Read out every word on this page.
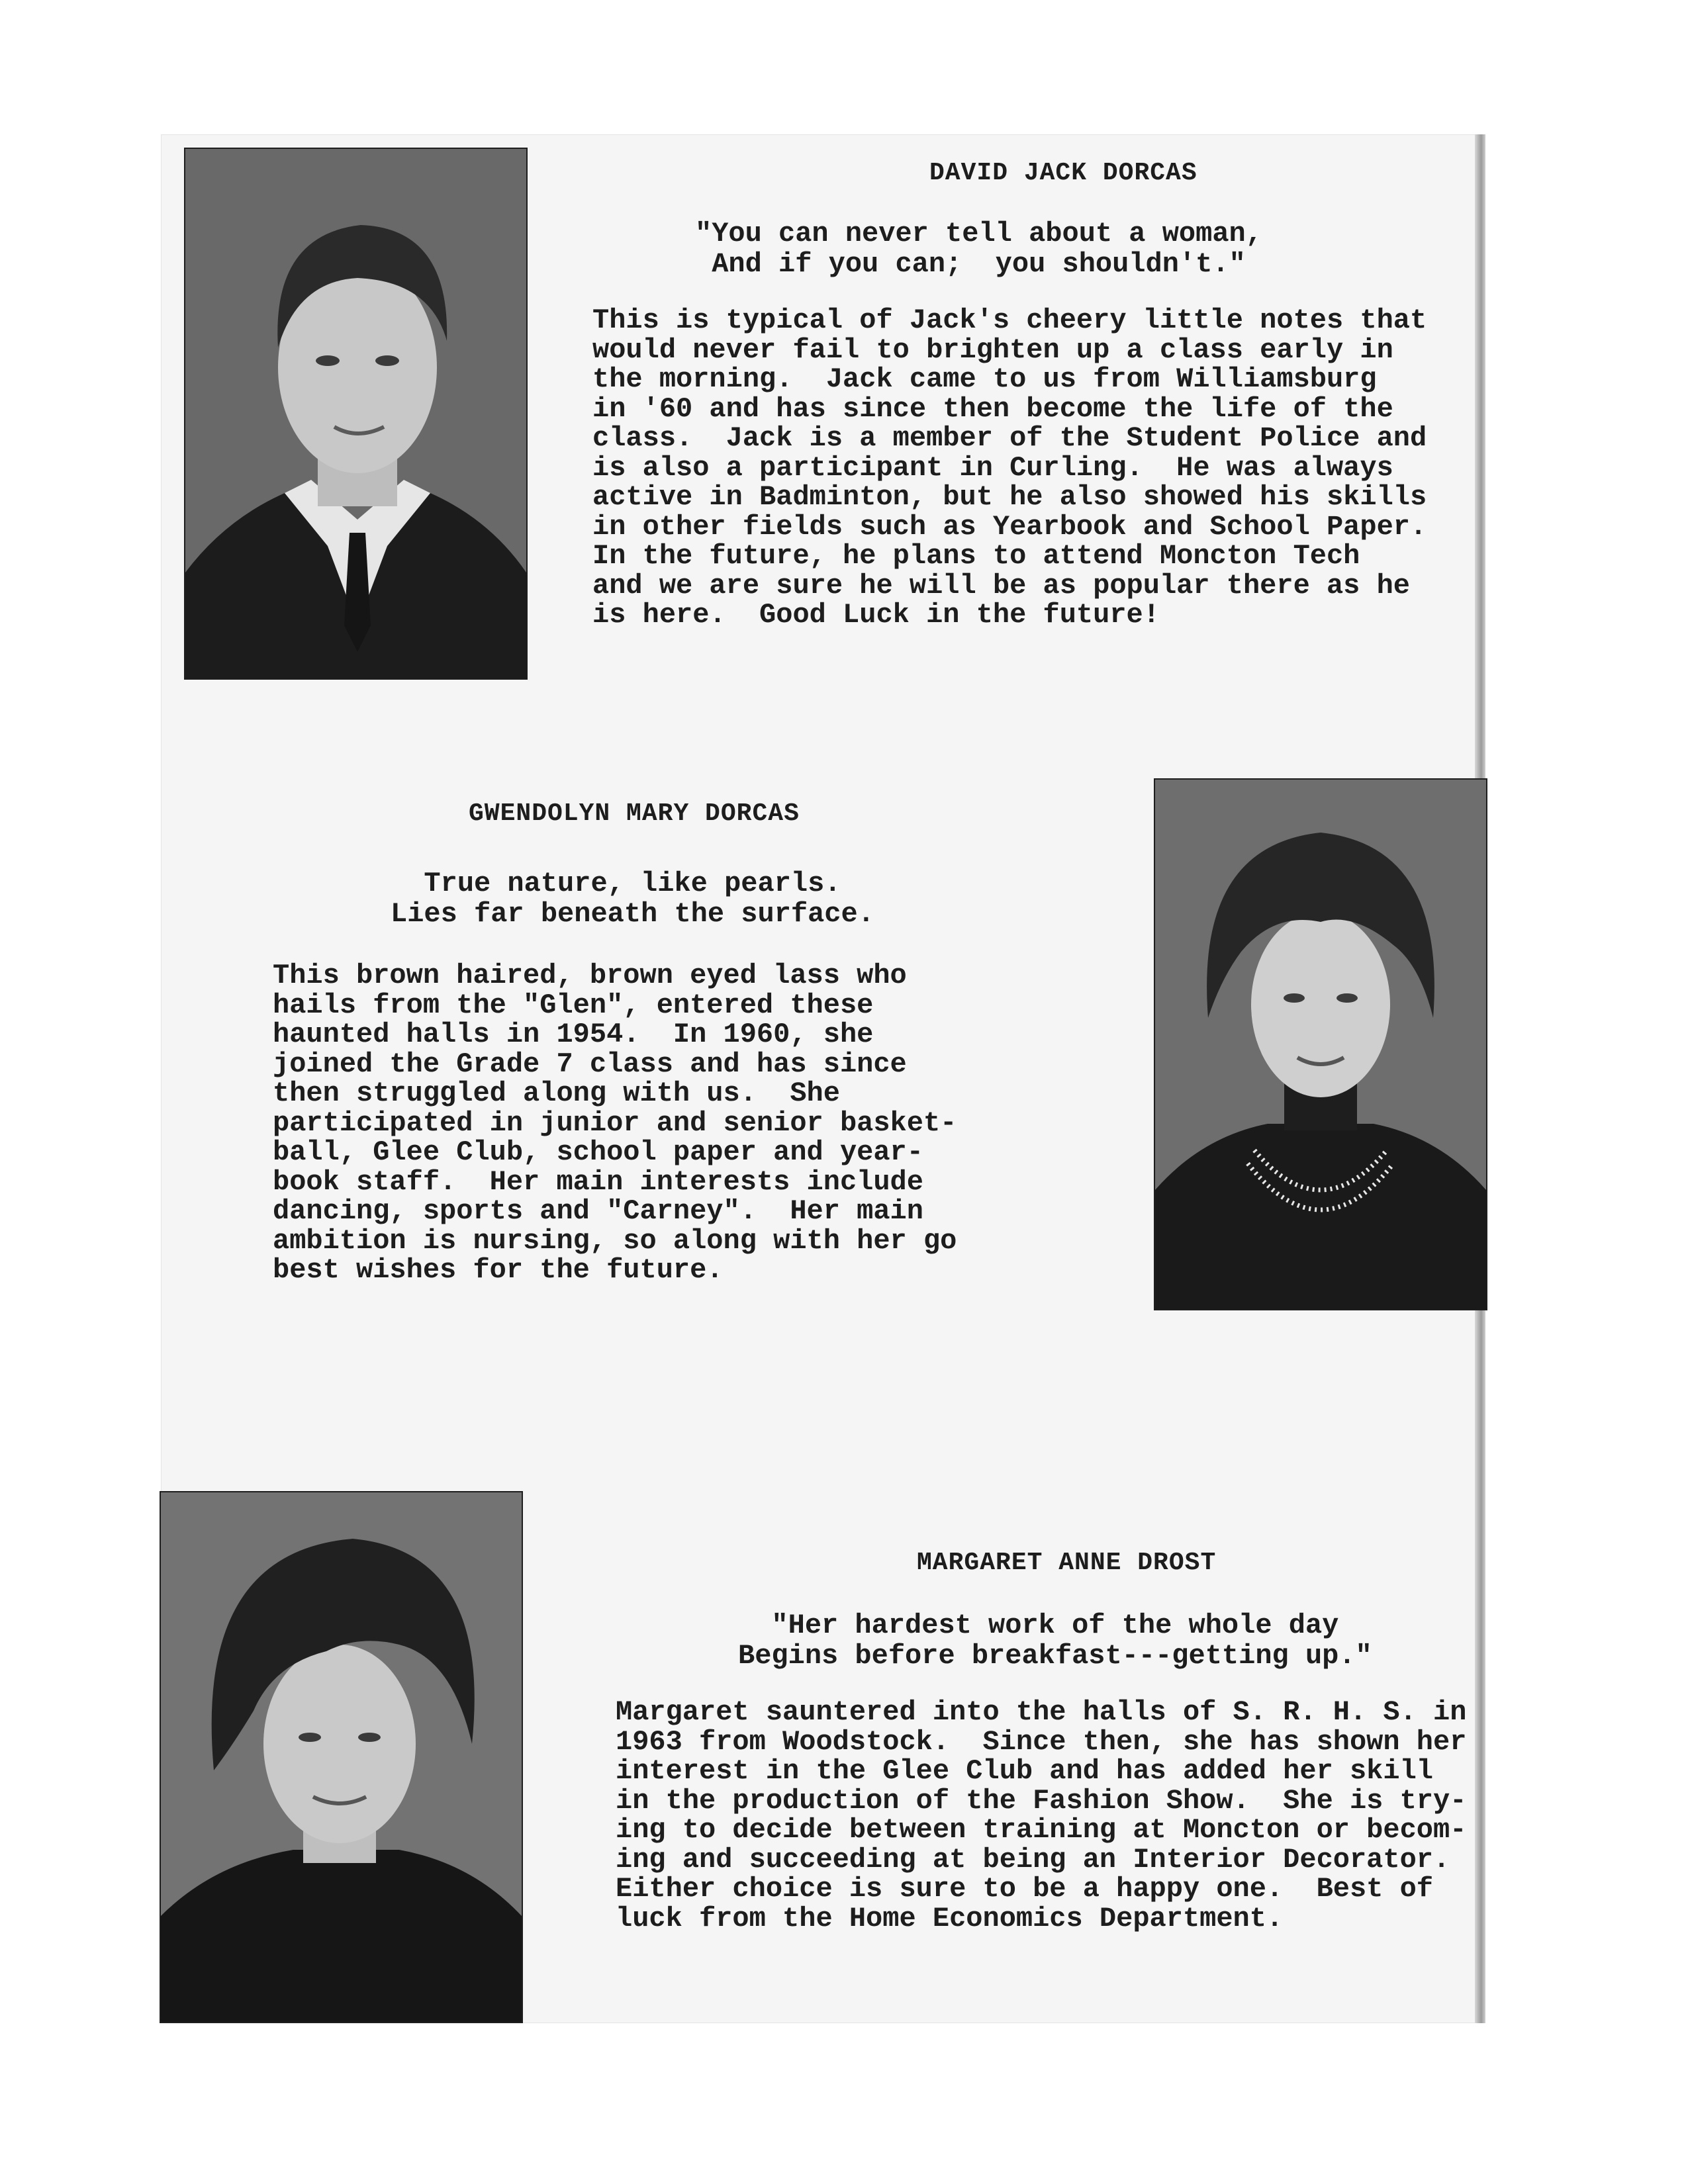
DAVID JACK DORCAS
"You can never tell about a woman,
And if you can;  you shouldn't."
This is typical of Jack's cheery little notes that
would never fail to brighten up a class early in
the morning.  Jack came to us from Williamsburg
in '60 and has since then become the life of the
class.  Jack is a member of the Student Police and
is also a participant in Curling.  He was always
active in Badminton, but he also showed his skills
in other fields such as Yearbook and School Paper.
In the future, he plans to attend Moncton Tech
and we are sure he will be as popular there as he
is here.  Good Luck in the future!
GWENDOLYN MARY DORCAS
True nature, like pearls.
Lies far beneath the surface.
This brown haired, brown eyed lass who
hails from the "Glen", entered these
haunted halls in 1954.  In 1960, she
joined the Grade 7 class and has since
then struggled along with us.  She
participated in junior and senior basket-
ball, Glee Club, school paper and year-
book staff.  Her main interests include
dancing, sports and "Carney".  Her main
ambition is nursing, so along with her go
best wishes for the future.
MARGARET ANNE DROST
"Her hardest work of the whole day
Begins before breakfast---getting up."
Margaret sauntered into the halls of S. R. H. S. in
1963 from Woodstock.  Since then, she has shown her
interest in the Glee Club and has added her skill
in the production of the Fashion Show.  She is try-
ing to decide between training at Moncton or becom-
ing and succeeding at being an Interior Decorator.
Either choice is sure to be a happy one.  Best of
luck from the Home Economics Department.
